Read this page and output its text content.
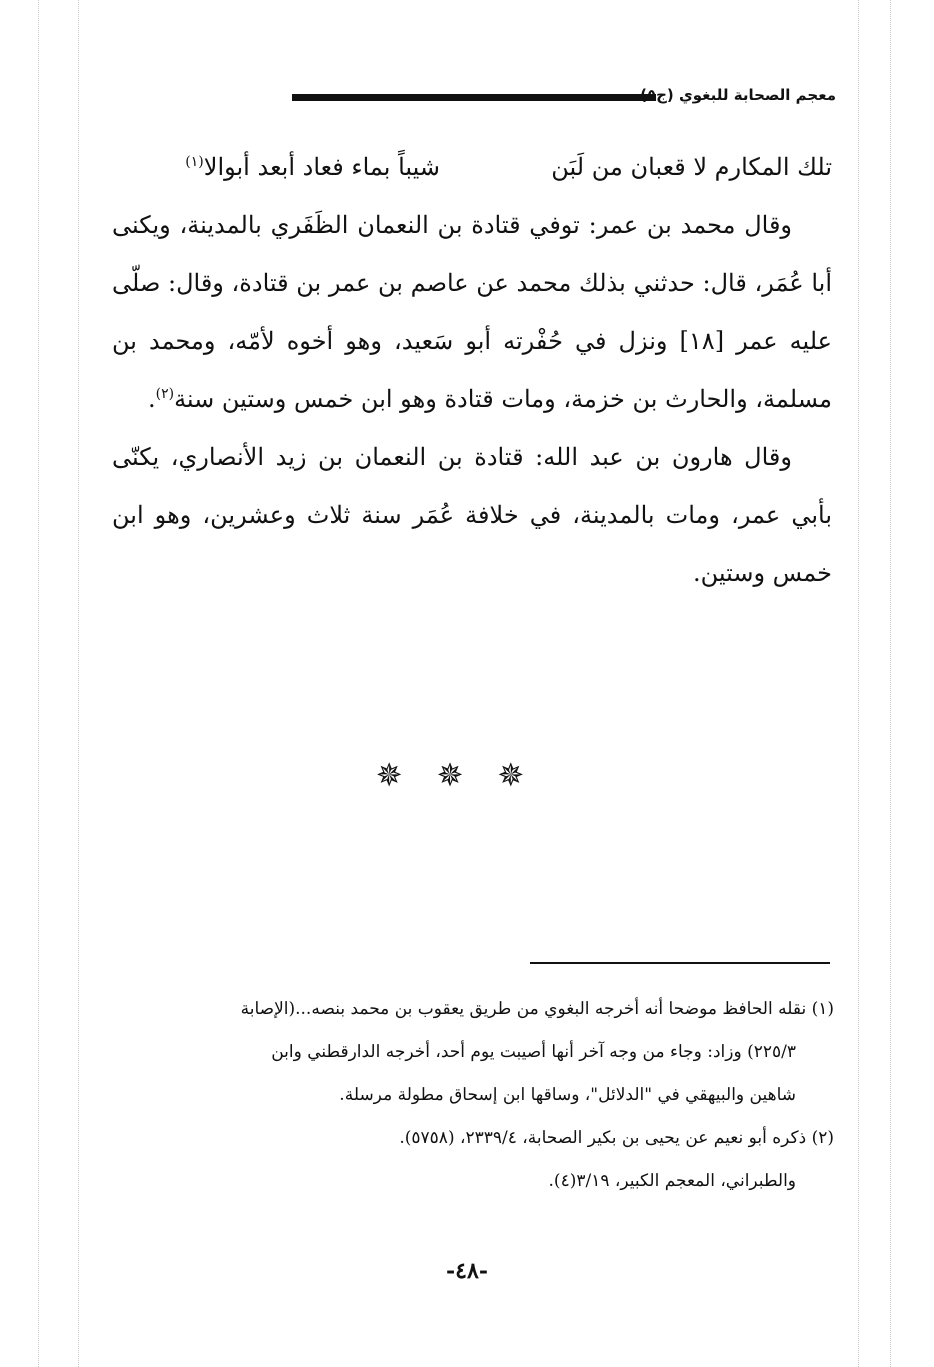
معجم الصحابة للبغوي (ج
تلك المكارم لا قعبان من لَبَن
شيباً بماء فعاد أبعد أبوالا$^{(١)}$

وقال محمد بن عمر: توفي قتادة بن النعمان الظَفَري بالمدينة، ويكنى أبا عُمَر، قال: حدثني بذلك محمد عن عاصم بن عمر بن قتادة، وقال: صلّى عليه عمر [١٨] ونزل في حُفْرته أبو سَعيد، وهو أخوه لأمّه، ومحمد بن مسلمة، والحارث بن خزمة، ومات قتادة وهو ابن خمس وستين سنة$^{(٢)}$.

وقال هارون بن عبد الله: قتادة بن النعمان بن زيد الأنصاري، يكنّى بأبي عمر، ومات بالمدينة، في خلافة عُمَر سنة ثلاث وعشرين، وهو ابن خمس وستين.

✵✵✵

(١) نقله الحافظ موضحا أنه أخرجه البغوي من طريق يعقوب بن محمد بنصه...(الإصابة

٢٢٥/٣) وزاد: وجاء من وجه آخر أنها أصيبت يوم أحد، أخرجه الدارقطني وابن

شاهين والبيهقي في "الدلائل"، وساقها ابن إسحاق مطولة مرسلة.

(٢) ذكره أبو نعيم عن يحيى بن بكير الصحابة، ٢٣٣٩/٤، (٥٧٥٨).

والطبراني، المعجم الكبير، ٣/١٩(٤).

-٤٨-
